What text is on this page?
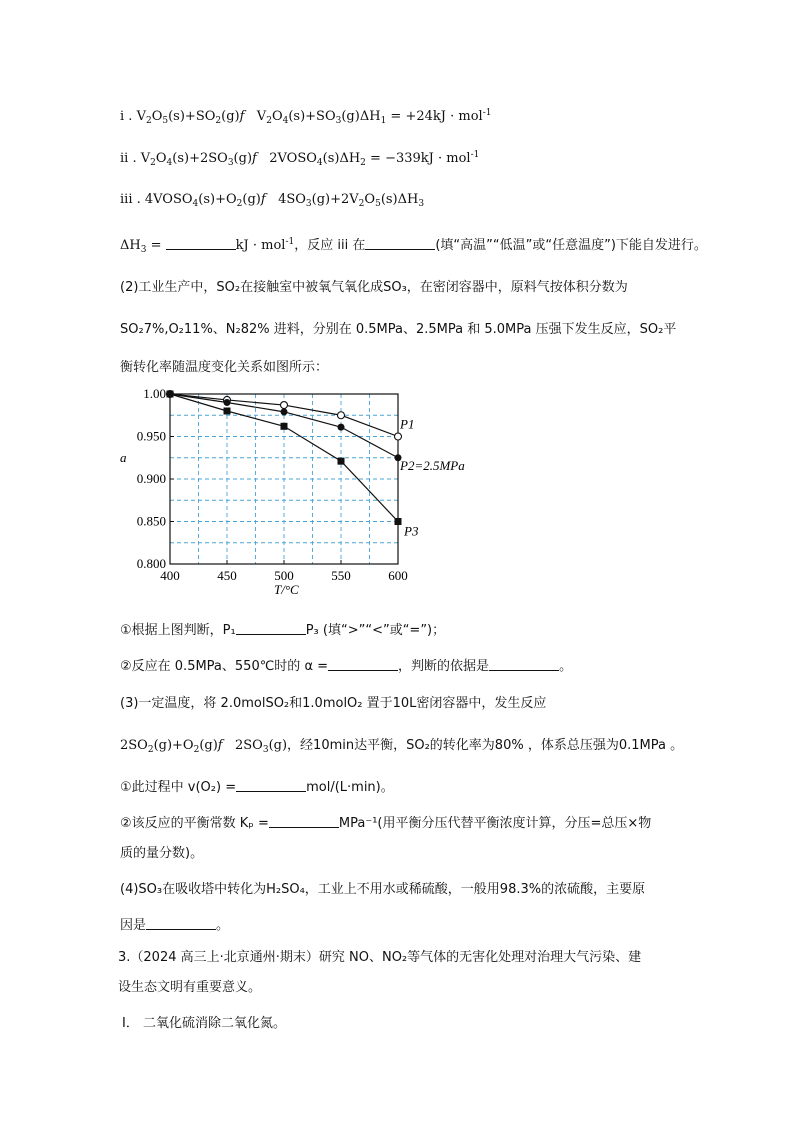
i . $V_2O_5(s)+SO_2(g)f$   $V_2O_4(s)+SO_3(g)\Delta H_1 = +24kJ \cdot mol^{-1}$
ii . $V_2O_4(s)+2SO_3(g)f$   $2VOSO_4(s)\Delta H_2 = -339kJ \cdot mol^{-1}$
iii . $4VOSO_4(s)+O_2(g)f$   $4SO_3(g)+2V_2O_5(s)\Delta H_3$
$\Delta H_3$ =	kJ · mol$^{-1}$，反应 iii 在	(填“高温”“低温”或“任意温度”)下能自发进行。
(2)工业生产中，SO₂在接触室中被氧气氧化成SO₃，在密闭容器中，原料气按体积分数为
SO₂7%,O₂11%、N₂82% 进料，分别在 0.5MPa、2.5MPa 和 5.0MPa 压强下发生反应，SO₂平
衡转化率随温度变化关系如图所示：
400	450	500	550	600
0.800
0.850
0.900
0.950
1.00
T/°C
a
P1
P2=2.5MPa
P3
①根据上图判断，P₁	P₃ (填“>”“<”或“=”)；
②反应在 0.5MPa、550℃时的 α =	，判断的依据是	。
(3)一定温度，将 2.0molSO₂和1.0molO₂ 置于10L密闭容器中，发生反应
$2SO_2(g)+O_2(g)f$   $2SO_3(g)$，经10min达平衡，SO₂的转化率为80% ，体系总压强为0.1MPa 。
①此过程中 v(O₂) =	mol/(L·min)。
②该反应的平衡常数 Kₚ =	MPa⁻¹(用平衡分压代替平衡浓度计算，分压=总压×物
质的量分数)。
(4)SO₃在吸收塔中转化为H₂SO₄，工业上不用水或稀硫酸，一般用98.3%的浓硫酸，主要原
因是	。
3.（2024 高三上·北京通州·期末）研究 NO、NO₂等气体的无害化处理对治理大气污染、建
设生态文明有重要意义。
Ⅰ． 二氧化硫消除二氧化氮。
